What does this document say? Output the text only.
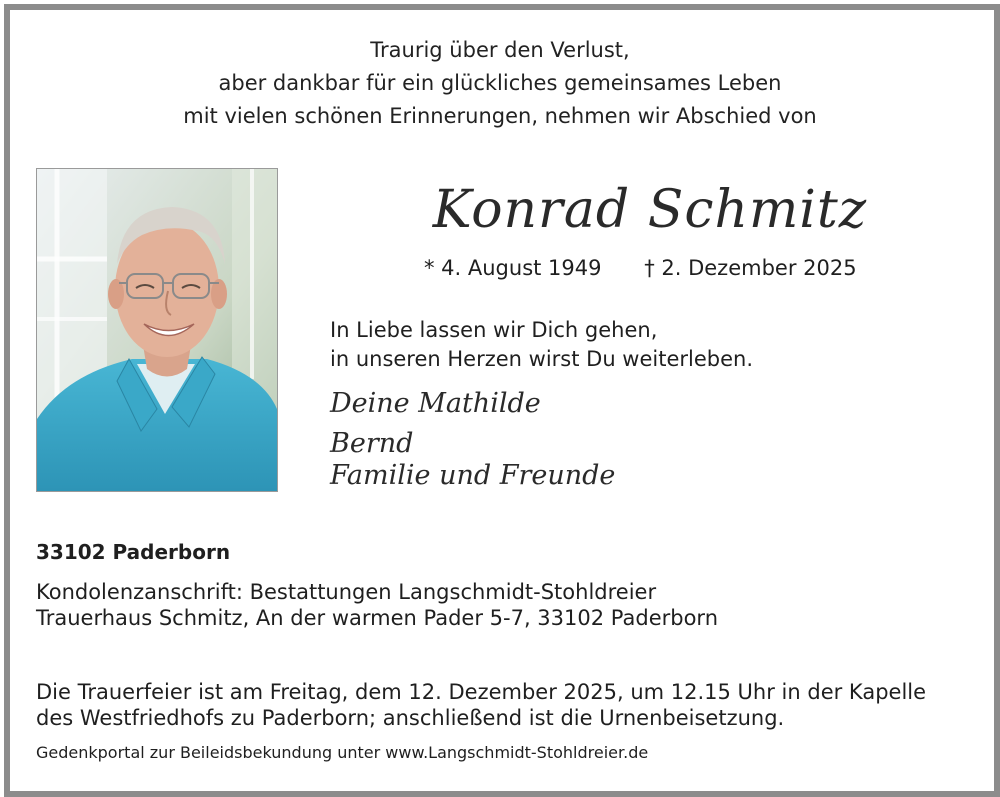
Traurig über den Verlust,
aber dankbar für ein glückliches gemeinsames Leben
mit vielen schönen Erinnerungen, nehmen wir Abschied von
Konrad Schmitz
* 4. August 1949 † 2. Dezember 2025
In Liebe lassen wir Dich gehen,
in unseren Herzen wirst Du weiterleben.
Deine Mathilde
Bernd
Familie und Freunde
33102 Paderborn
Kondolenzanschrift: Bestattungen Langschmidt-Stohldreier
Trauerhaus Schmitz, An der warmen Pader 5-7, 33102 Paderborn
Die Trauerfeier ist am Freitag, dem 12. Dezember 2025, um 12.15 Uhr in der Kapelle
des Westfriedhofs zu Paderborn; anschließend ist die Urnenbeisetzung.
Gedenkportal zur Beileidsbekundung unter www.Langschmidt-Stohldreier.de
